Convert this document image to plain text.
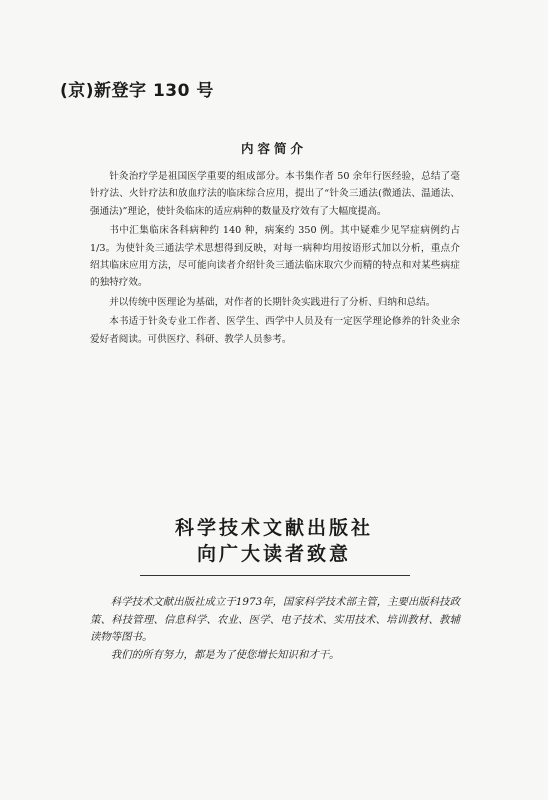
(京)新登字 130 号
内容简介

针灸治疗学是祖国医学重要的组成部分。本书集作者 50 余年行医经验，总结了毫针疗法、火针疗法和放血疗法的临床综合应用，提出了“针灸三通法(微通法、温通法、强通法)”理论，使针灸临床的适应病种的数量及疗效有了大幅度提高。

书中汇集临床各科病种约 140 种，病案约 350 例。其中疑难少见罕症病例约占 1/3。为使针灸三通法学术思想得到反映，对每一病种均用按语形式加以分析，重点介绍其临床应用方法，尽可能向读者介绍针灸三通法临床取穴少而精的特点和对某些病症的独特疗效。

并以传统中医理论为基础，对作者的长期针灸实践进行了分析、归纳和总结。

本书适于针灸专业工作者、医学生、西学中人员及有一定医学理论修养的针灸业余爱好者阅读。可供医疗、科研、教学人员参考。

科学技术文献出版社
向广大读者致意

科学技术文献出版社成立于1973年，国家科学技术部主管，主要出版科技政策、科技管理、信息科学、农业、医学、电子技术、实用技术、培训教材、教辅读物等图书。

我们的所有努力，都是为了使您增长知识和才干。
